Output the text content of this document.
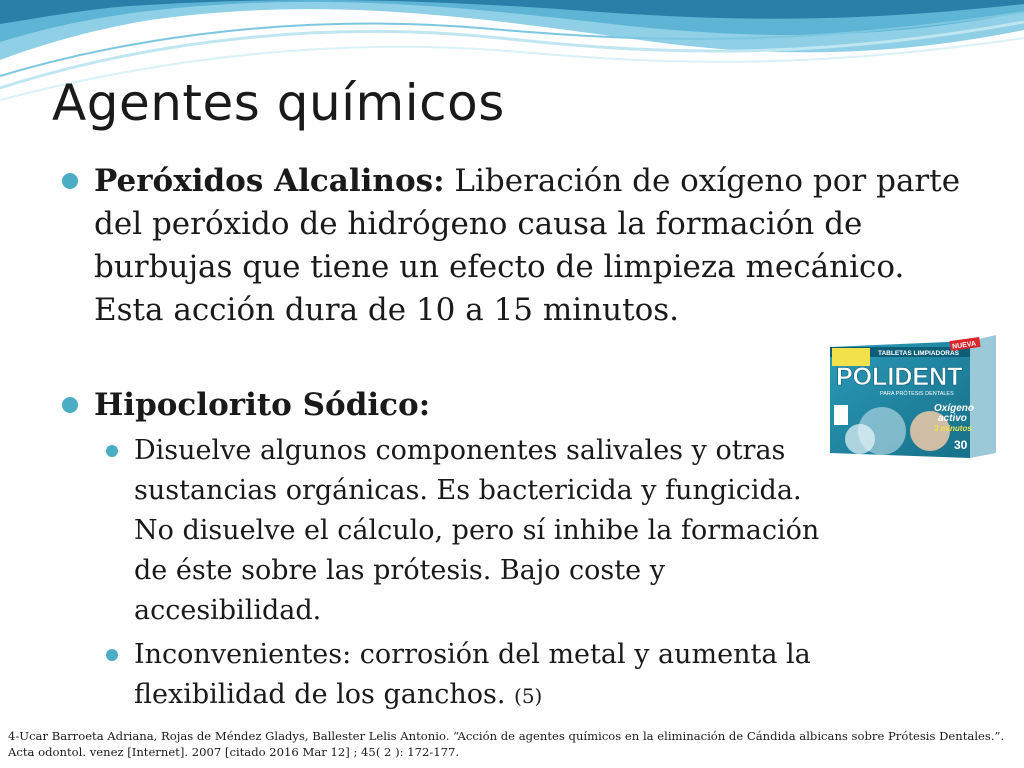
Agentes químicos

Peróxidos Alcalinos: Liberación de oxígeno por parte del peróxido de hidrógeno causa la formación de burbujas que tiene un efecto de limpieza mecánico. Esta acción dura de 10 a 15 minutos.

Hipoclorito Sódico:

Disuelve algunos componentes salivales y otras sustancias orgánicas. Es bactericida y fungicida. No disuelve el cálculo, pero sí inhibe la formación de éste sobre las prótesis. Bajo coste y accesibilidad.

Inconvenientes: corrosión del metal y aumenta la flexibilidad de los ganchos. (5)

NUEVA
TABLETAS LIMPIADORAS
POLIDENT
PARA PRÓTESIS DENTALES
Oxígeno
activo
3 minutos
30
4-Ucar Barroeta Adriana, Rojas de Méndez Gladys, Ballester Lelis Antonio. “Acción de agentes químicos en la eliminación de Cándida albicans sobre Prótesis Dentales.”. Acta odontol. venez [Internet]. 2007 [citado 2016 Mar 12] ; 45( 2 ): 172-177.
